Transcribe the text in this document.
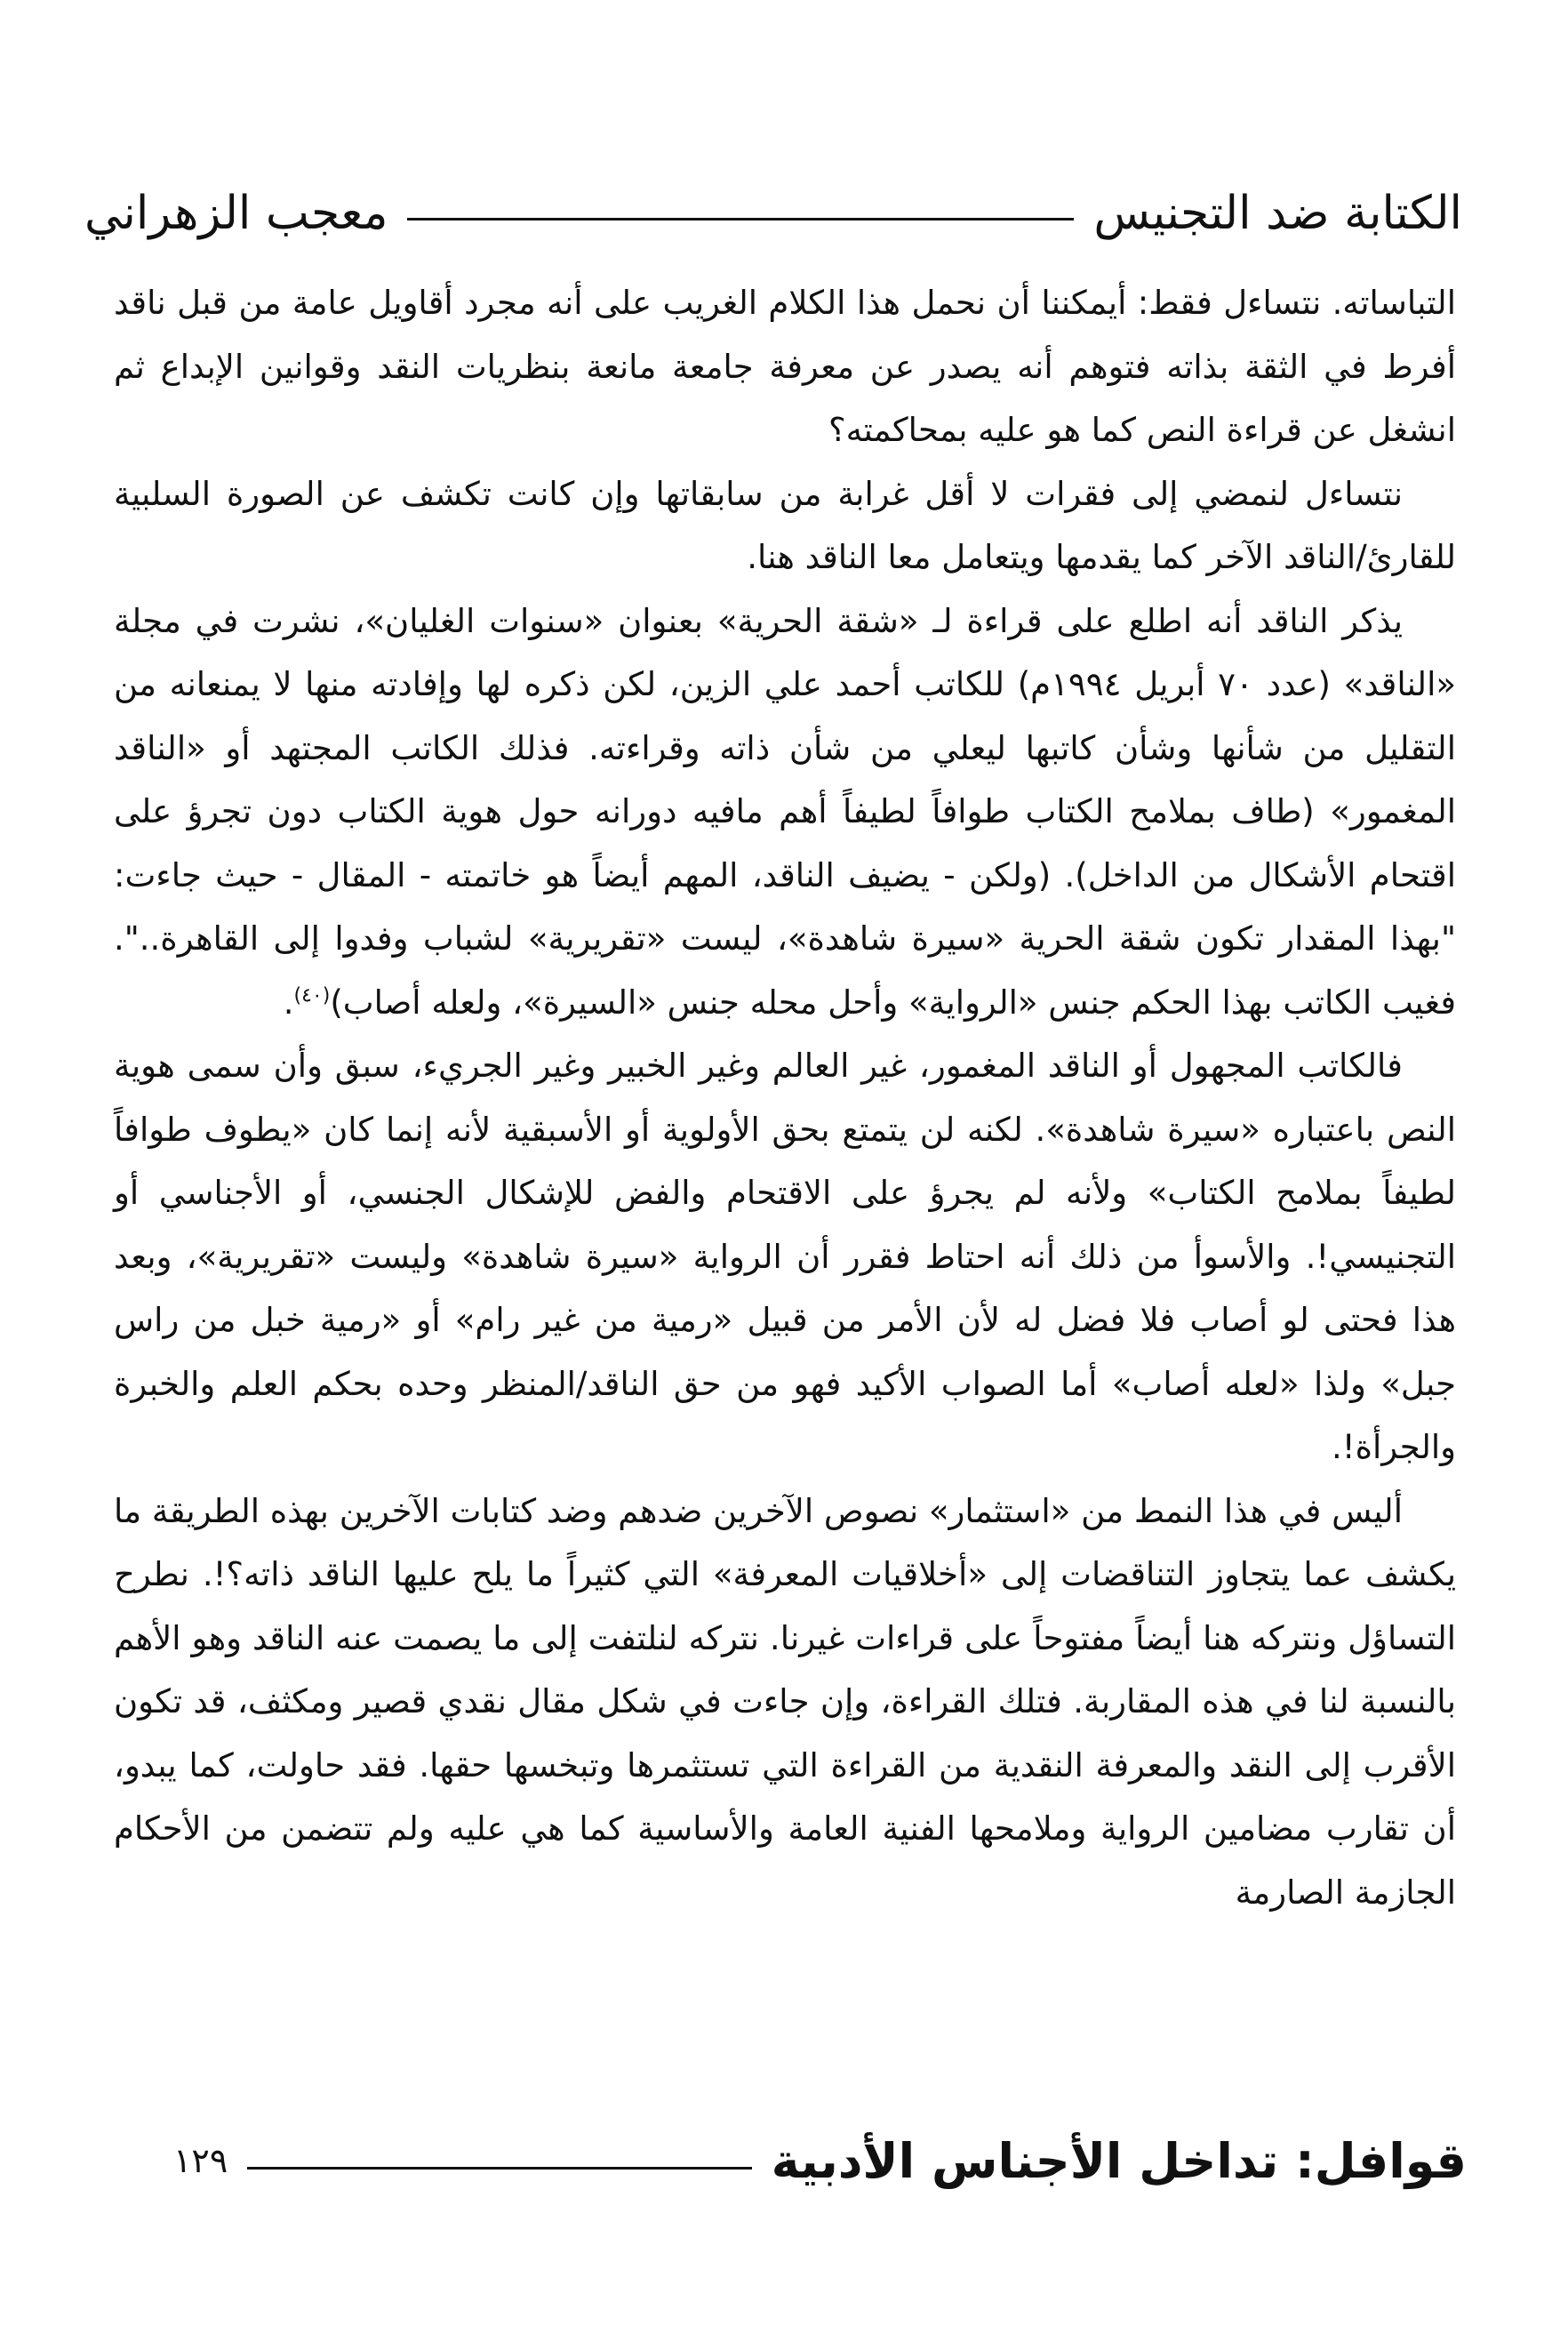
الكتابة ضد التجنيس
معجب الزهراني

التباساته. نتساءل فقط: أيمكننا أن نحمل هذا الكلام الغريب على أنه مجرد أقاويل عامة من قبل ناقد أفرط في الثقة بذاته فتوهم أنه يصدر عن معرفة جامعة مانعة بنظريات النقد وقوانين الإبداع ثم انشغل عن قراءة النص كما هو عليه بمحاكمته؟

نتساءل لنمضي إلى فقرات لا أقل غرابة من سابقاتها وإن كانت تكشف عن الصورة السلبية للقارئ/الناقد الآخر كما يقدمها ويتعامل معا الناقد هنا.

يذكر الناقد أنه اطلع على قراءة لـ «شقة الحرية» بعنوان «سنوات الغليان»، نشرت في مجلة «الناقد» (عدد ٧٠ أبريل ١٩٩٤م) للكاتب أحمد علي الزين، لكن ذكره لها وإفادته منها لا يمنعانه من التقليل من شأنها وشأن كاتبها ليعلي من شأن ذاته وقراءته. فذلك الكاتب المجتهد أو «الناقد المغمور» (طاف بملامح الكتاب طوافاً لطيفاً أهم مافيه دورانه حول هوية الكتاب دون تجرؤ على اقتحام الأشكال من الداخل). (ولكن - يضيف الناقد، المهم أيضاً هو خاتمته - المقال - حيث جاءت: "بهذا المقدار تكون شقة الحرية «سيرة شاهدة»، ليست «تقريرية» لشباب وفدوا إلى القاهرة..". فغيب الكاتب بهذا الحكم جنس «الرواية» وأحل محله جنس «السيرة»، ولعله أصاب)$^{(٤٠)}$.

فالكاتب المجهول أو الناقد المغمور، غير العالم وغير الخبير وغير الجريء، سبق وأن سمى هوية النص باعتباره «سيرة شاهدة». لكنه لن يتمتع بحق الأولوية أو الأسبقية لأنه إنما كان «يطوف طوافاً لطيفاً بملامح الكتاب» ولأنه لم يجرؤ على الاقتحام والفض للإشكال الجنسي، أو الأجناسي أو التجنيسي!. والأسوأ من ذلك أنه احتاط فقرر أن الرواية «سيرة شاهدة» وليست «تقريرية»، وبعد هذا فحتى لو أصاب فلا فضل له لأن الأمر من قبيل «رمية من غير رام» أو «رمية خبل من راس جبل» ولذا «لعله أصاب» أما الصواب الأكيد فهو من حق الناقد/المنظر وحده بحكم العلم والخبرة والجرأة!.

أليس في هذا النمط من «استثمار» نصوص الآخرين ضدهم وضد كتابات الآخرين بهذه الطريقة ما يكشف عما يتجاوز التناقضات إلى «أخلاقيات المعرفة» التي كثيراً ما يلح عليها الناقد ذاته؟!. نطرح التساؤل ونتركه هنا أيضاً مفتوحاً على قراءات غيرنا. نتركه لنلتفت إلى ما يصمت عنه الناقد وهو الأهم بالنسبة لنا في هذه المقاربة. فتلك القراءة، وإن جاءت في شكل مقال نقدي قصير ومكثف، قد تكون الأقرب إلى النقد والمعرفة النقدية من القراءة التي تستثمرها وتبخسها حقها. فقد حاولت، كما يبدو، أن تقارب مضامين الرواية وملامحها الفنية العامة والأساسية كما هي عليه ولم تتضمن من الأحكام الجازمة الصارمة

قوافل: تداخل الأجناس الأدبية
١٢٩
